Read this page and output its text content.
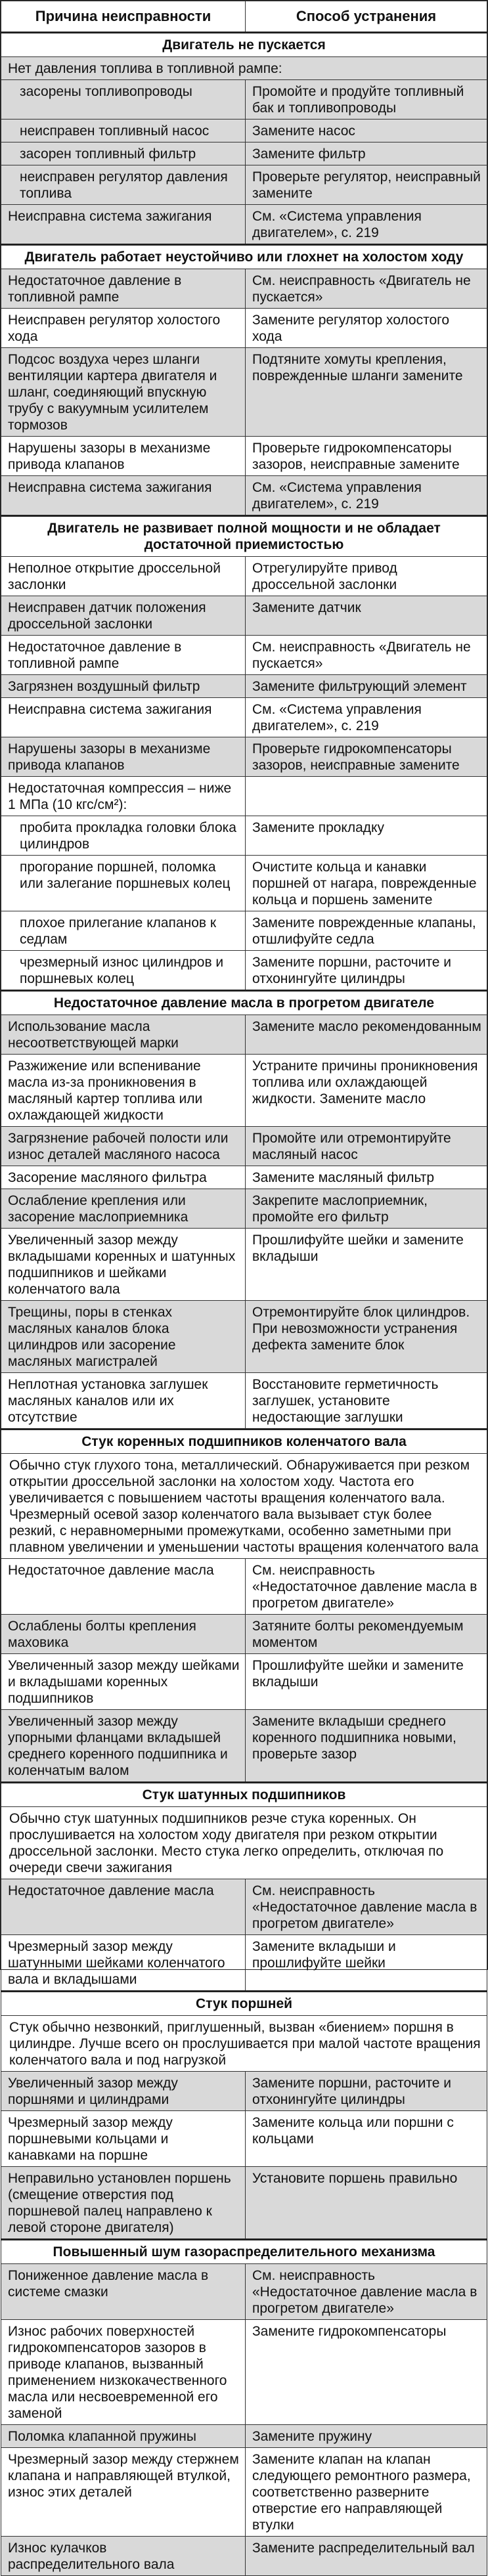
Причина неисправности	Способ устранения
Двигатель не пускается	
Нет давления топлива в топливной рампе:	
засорены топливопроводы	Промойте и продуйте топливный бак и топливопроводы
неисправен топливный насос	Замените насос
засорен топливный фильтр	Замените фильтр
неисправен регулятор давления топлива	Проверьте регулятор, неисправный замените
Неисправна система зажигания	См. «Система управления двигателем», с. 219
Двигатель работает неустойчиво или глохнет на холостом ходу	
Недостаточное давление в топливной рампе	См. неисправность «Двигатель не пускается»
Неисправен регулятор холостого хода	Замените регулятор холостого хода
Подсос воздуха через шланги вентиляции картера двигателя и шланг, соединяющий впускную трубу с вакуумным усилителем тормозов	Подтяните хомуты крепления, поврежденные шланги замените
Нарушены зазоры в механизме привода клапанов	Проверьте гидрокомпенсаторы зазоров, неисправные замените
Неисправна система зажигания	См. «Система управления двигателем», с. 219
Двигатель не развивает полной мощности и не обладает достаточной приемистостью	
Неполное открытие дроссельной заслонки	Отрегулируйте привод дроссельной заслонки
Неисправен датчик положения дроссельной заслонки	Замените датчик
Недостаточное давление в топливной рампе	См. неисправность «Двигатель не пускается»
Загрязнен воздушный фильтр	Замените фильтрующий элемент
Неисправна система зажигания	См. «Система управления двигателем», с. 219
Нарушены зазоры в механизме привода клапанов	Проверьте гидрокомпенсаторы зазоров, неисправные замените
Недостаточная компрессия – ниже 1 МПа (10 кгс/см²):	
пробита прокладка головки блока цилиндров	Замените прокладку
прогорание поршней, поломка или залегание поршневых колец	Очистите кольца и канавки поршней от нагара, поврежденные кольца и поршень замените
плохое прилегание клапанов к седлам	Замените поврежденные клапаны, отшлифуйте седла
чрезмерный износ цилиндров и поршневых колец	Замените поршни, расточите и отхонингуйте цилиндры
Недостаточное давление масла в прогретом двигателе	
Использование масла несоответствующей марки	Замените масло рекомендованным
Разжижение или вспенивание масла из-за проникновения в масляный картер топлива или охлаждающей жидкости	Устраните причины проникновения топлива или охлаждающей жидкости. Замените масло
Загрязнение рабочей полости или износ деталей масляного насоса	Промойте или отремонтируйте масляный насос
Засорение масляного фильтра	Замените масляный фильтр
Ослабление крепления или засорение маслоприемника	Закрепите маслоприемник, промойте его фильтр
Увеличенный зазор между вкладышами коренных и шатунных подшипников и шейками коленчатого вала	Прошлифуйте шейки и замените вкладыши
Трещины, поры в стенках масляных каналов блока цилиндров или засорение масляных магистралей	Отремонтируйте блок цилиндров. При невозможности устранения дефекта замените блок
Неплотная установка заглушек масляных каналов или их отсутствие	Восстановите герметичность заглушек, установите недостающие заглушки
Стук коренных подшипников коленчатого вала	
Обычно стук глухого тона, металлический. Обнаруживается при резком открытии дроссельной заслонки на холостом ходу. Частота его увеличивается с повышением частоты вращения коленчатого вала. Чрезмерный осевой зазор коленчатого вала вызывает стук более резкий, с неравномерными промежутками, особенно заметными при плавном увеличении и уменьшении частоты вращения коленчатого вала	
Недостаточное давление масла	См. неисправность «Недостаточное давление масла в прогретом двигателе»
Ослаблены болты крепления маховика	Затяните болты рекомендуемым моментом
Увеличенный зазор между шейками и вкладышами коренных подшипников	Прошлифуйте шейки и замените вкладыши
Увеличенный зазор между упорными фланцами вкладышей среднего коренного подшипника и коленчатым валом	Замените вкладыши среднего коренного подшипника новыми, проверьте зазор
Стук шатунных подшипников	
Обычно стук шатунных подшипников резче стука коренных. Он прослушивается на холостом ходу двигателя при резком открытии дроссельной заслонки. Место стука легко определить, отключая по очереди свечи зажигания	
Недостаточное давление масла	См. неисправность «Недостаточное давление масла в прогретом двигателе»
Чрезмерный зазор между шатунными шейками коленчатого вала и вкладышами	Замените вкладыши и прошлифуйте шейки
Стук поршней	
Стук обычно незвонкий, приглушенный, вызван «биением» поршня в цилиндре. Лучше всего он прослушивается при малой частоте вращения коленчатого вала и под нагрузкой	
Увеличенный зазор между поршнями и цилиндрами	Замените поршни, расточите и отхонингуйте цилиндры
Чрезмерный зазор между поршневыми кольцами и канавками на поршне	Замените кольца или поршни с кольцами
Неправильно установлен поршень (смещение отверстия под поршневой палец направлено к левой стороне двигателя)	Установите поршень правильно
Повышенный шум газораспределительного механизма	
Пониженное давление масла в системе смазки	См. неисправность «Недостаточное давление масла в прогретом двигателе»
Износ рабочих поверхностей гидрокомпенсаторов зазоров в приводе клапанов, вызванный применением низкокачественного масла или несвоевременной его заменой	Замените гидрокомпенсаторы
Поломка клапанной пружины	Замените пружину
Чрезмерный зазор между стержнем клапана и направляющей втулкой, износ этих деталей	Замените клапан на клапан следующего ремонтного размера, соответственно разверните отверстие его направляющей втулки
Износ кулачков распределительного вала	Замените распределительный вал
